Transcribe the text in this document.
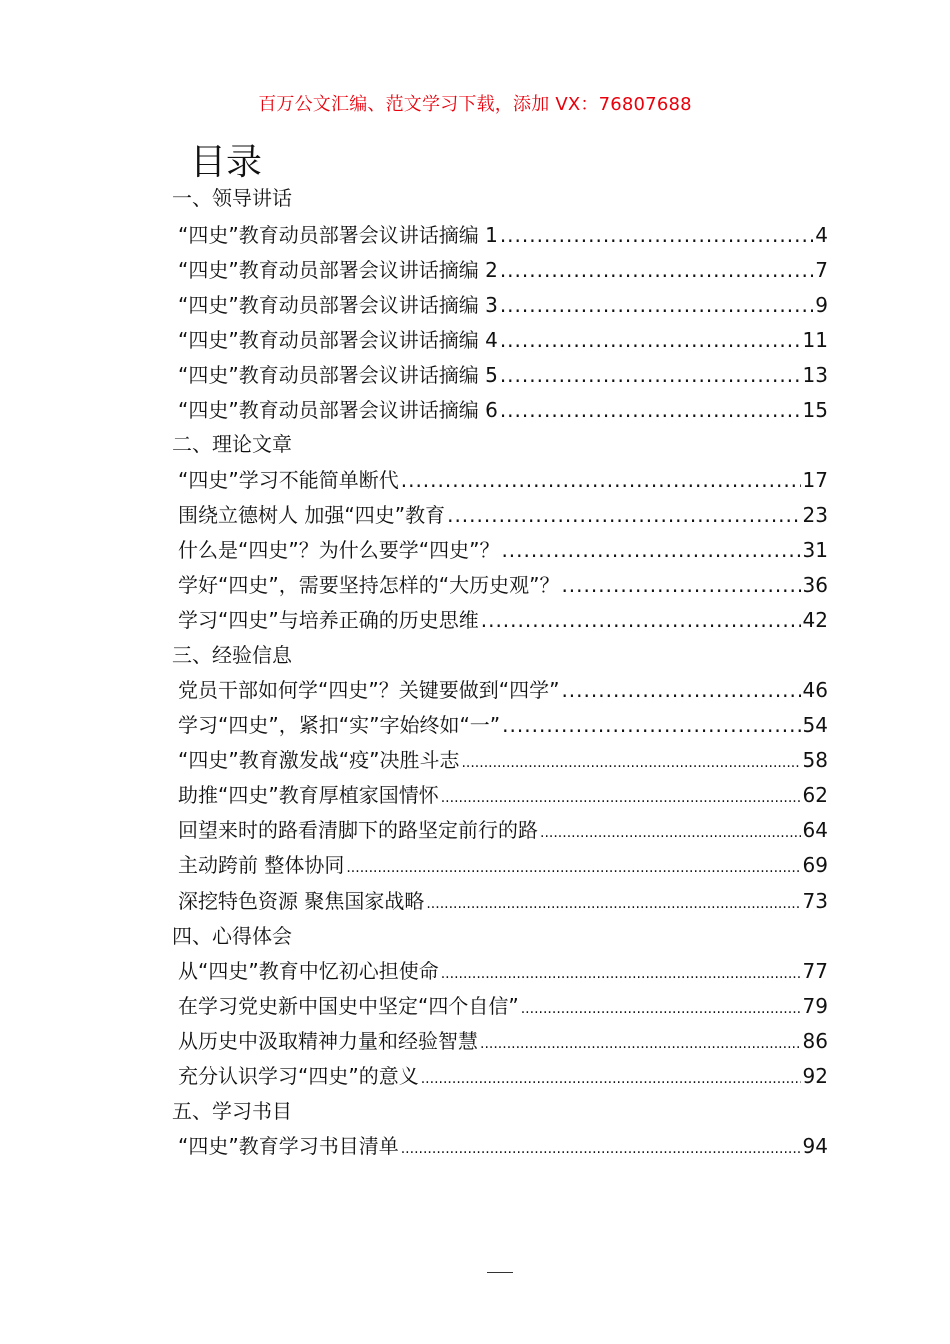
百万公文汇编、范文学习下载，添加 VX：76807688
目录
一、领导讲话
“四史”教育动员部署会议讲话摘编 1 .....	4
“四史”教育动员部署会议讲话摘编 2 .....	7
“四史”教育动员部署会议讲话摘编 3 .....	9
“四史”教育动员部署会议讲话摘编 4 .....	11
“四史”教育动员部署会议讲话摘编 5 .....	13
“四史”教育动员部署会议讲话摘编 6 .....	15
二、理论文章
“四史”学习不能简单断代 .....	17
围绕立德树人 加强“四史”教育 .....	23
什么是“四史”？为什么要学“四史”？ .....	31
学好“四史”，需要坚持怎样的“大历史观”？ .....	36
学习“四史”与培养正确的历史思维 .....	42
三、经验信息
党员干部如何学“四史”？关键要做到“四学” .....	46
学习“四史”，紧扣“实”字始终如“一” .....	54
“四史”教育激发战“疫”决胜斗志 .....	58
助推“四史”教育厚植家国情怀 .....	62
回望来时的路看清脚下的路坚定前行的路 .....	64
主动跨前 整体协同 .....	69
深挖特色资源 聚焦国家战略 .....	73
四、心得体会
从“四史”教育中忆初心担使命 .....	77
在学习党史新中国史中坚定“四个自信” .....	79
从历史中汲取精神力量和经验智慧 .....	86
充分认识学习“四史”的意义 .....	92
五、学习书目
“四史”教育学习书目清单 .....	94
